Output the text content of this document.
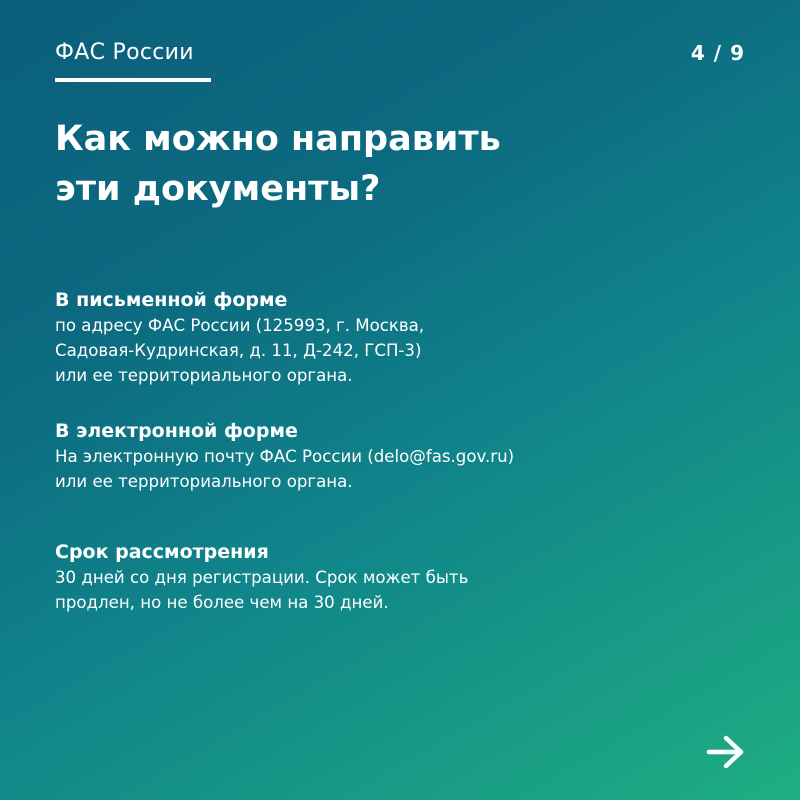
ФАС России	4 / 9
Как можно направить
эти документы?

В письменной форме

по адресу ФАС России (125993, г. Москва,
Садовая-Кудринская, д. 11, Д-242, ГСП-3)
или ее территориального органа.

В электронной форме

На электронную почту ФАС России (delo@fas.gov.ru)
или ее территориального органа.

Срок рассмотрения

30 дней со дня регистрации. Срок может быть
продлен, но не более чем на 30 дней.
